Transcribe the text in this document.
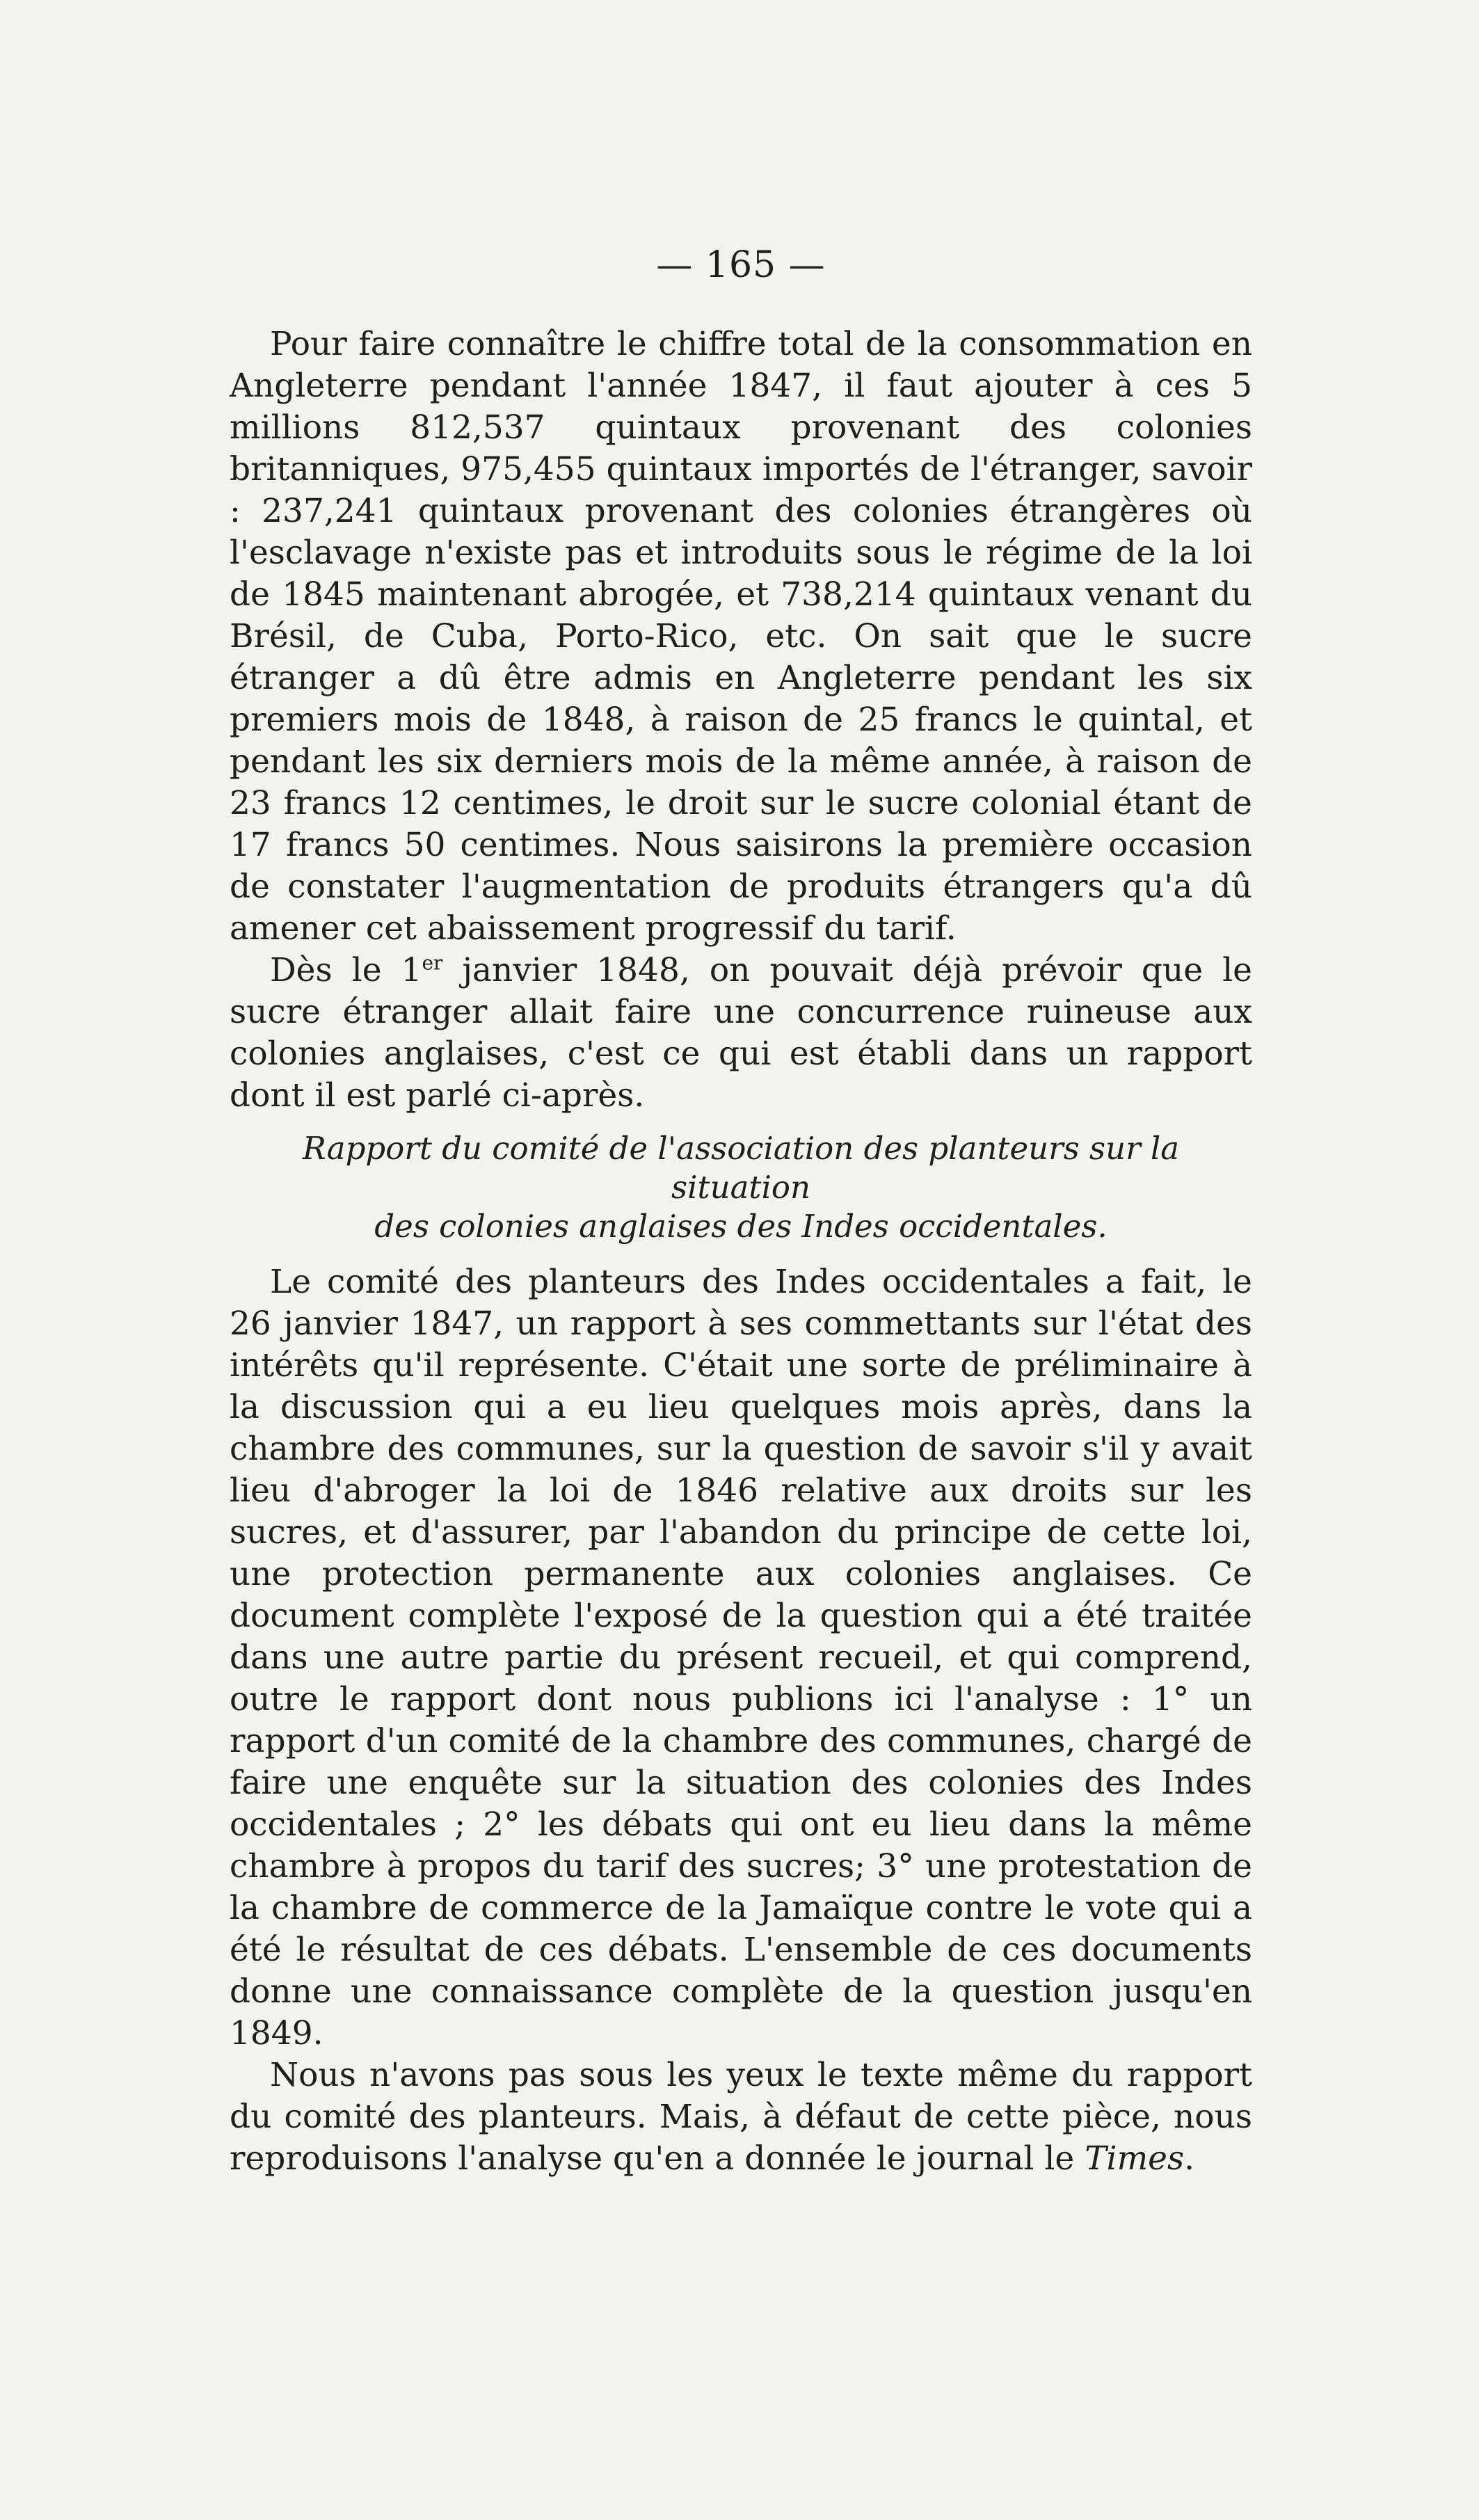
— 165 —

Pour faire connaître le chiffre total de la consommation en Angleterre pendant l'année 1847, il faut ajouter à ces 5 millions 812,537 quintaux provenant des colonies britanniques, 975,455 quintaux importés de l'étranger, savoir : 237,241 quintaux provenant des colonies étrangères où l'esclavage n'existe pas et introduits sous le régime de la loi de 1845 maintenant abrogée, et 738,214 quintaux venant du Brésil, de Cuba, Porto-Rico, etc. On sait que le sucre étranger a dû être admis en Angleterre pendant les six premiers mois de 1848, à raison de 25 francs le quintal, et pendant les six derniers mois de la même année, à raison de 23 francs 12 centimes, le droit sur le sucre colonial étant de 17 francs 50 centimes. Nous saisirons la première occasion de constater l'augmentation de produits étrangers qu'a dû amener cet abaissement progressif du tarif.

Dès le 1er janvier 1848, on pouvait déjà prévoir que le sucre étranger allait faire une concurrence ruineuse aux colonies anglaises, c'est ce qui est établi dans un rapport dont il est parlé ci-après.

Rapport du comité de l'association des planteurs sur la situation
des colonies anglaises des Indes occidentales.

Le comité des planteurs des Indes occidentales a fait, le 26 janvier 1847, un rapport à ses commettants sur l'état des intérêts qu'il représente. C'était une sorte de préliminaire à la discussion qui a eu lieu quelques mois après, dans la chambre des communes, sur la question de savoir s'il y avait lieu d'abroger la loi de 1846 relative aux droits sur les sucres, et d'assurer, par l'abandon du principe de cette loi, une protection permanente aux colonies anglaises. Ce document complète l'exposé de la question qui a été traitée dans une autre partie du présent recueil, et qui comprend, outre le rapport dont nous publions ici l'analyse : 1° un rapport d'un comité de la chambre des communes, chargé de faire une enquête sur la situation des colonies des Indes occidentales ; 2° les débats qui ont eu lieu dans la même chambre à propos du tarif des sucres; 3° une protestation de la chambre de commerce de la Jamaïque contre le vote qui a été le résultat de ces débats. L'ensemble de ces documents donne une connaissance complète de la question jusqu'en 1849.

Nous n'avons pas sous les yeux le texte même du rapport du comité des planteurs. Mais, à défaut de cette pièce, nous reproduisons l'analyse qu'en a donnée le journal le Times.
